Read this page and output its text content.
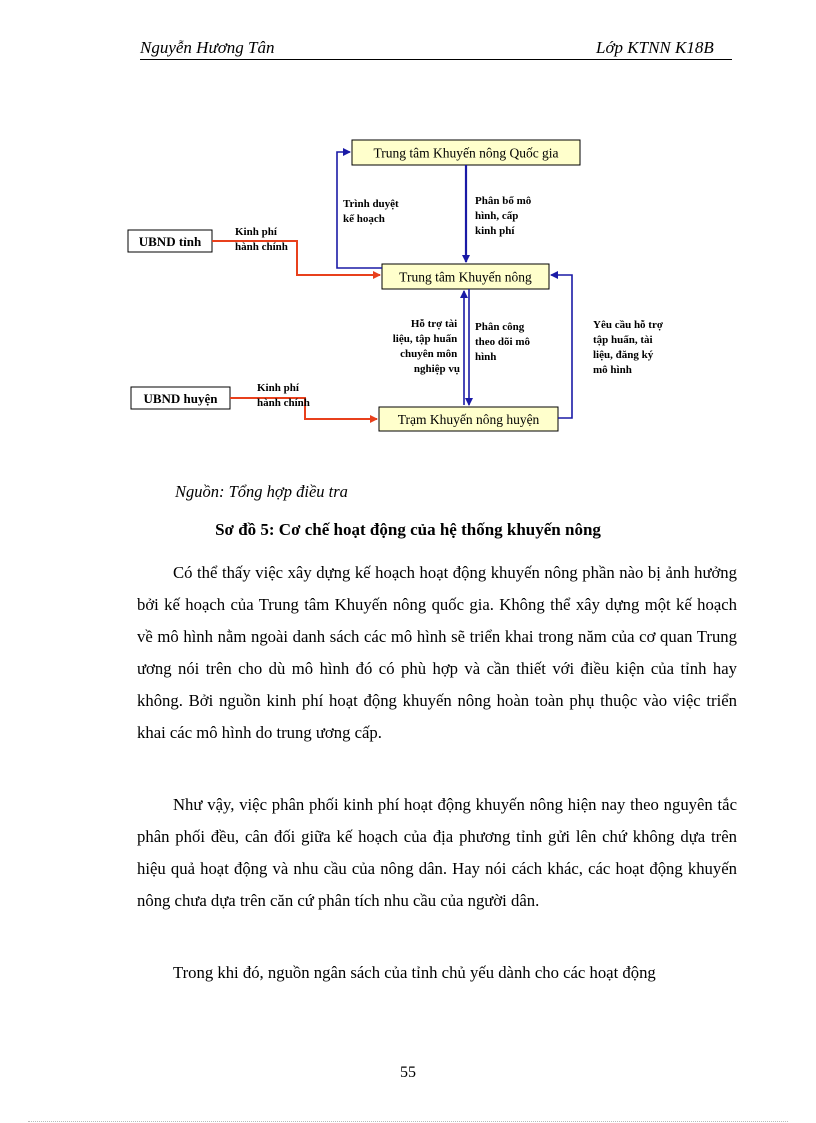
Nguyễn Hương Tân	Lớp KTNN K18B
Trung tâm Khuyến nông Quốc gia
Trung tâm Khuyến nông
Trạm Khuyến nông huyện
UBND tỉnh
UBND huyện
Trình duyệt kế hoạch
Phân bổ mô hình, cấp kinh phí
Kinh phí hành chính
Kinh phí hành chính
Hỗ trợ tài liệu, tập huấn chuyên môn nghiệp vụ
Phân công theo dõi mô hình
Yêu cầu hỗ trợ tập huấn, tài liệu, đăng ký mô hình
Nguồn: Tổng hợp điều tra
Sơ đồ 5: Cơ chế hoạt động của hệ thống khuyến nông

Có thể thấy việc xây dựng kế hoạch hoạt động khuyến nông phần nào bị ảnh hưởng bởi kế hoạch của Trung tâm Khuyến nông quốc gia. Không thể xây dựng một kế hoạch về mô hình nằm ngoài danh sách các mô hình sẽ triển khai trong năm của cơ quan Trung ương nói trên cho dù mô hình đó có phù hợp và cần thiết với điều kiện của tỉnh hay không. Bởi nguồn kinh phí hoạt động khuyến nông hoàn toàn phụ thuộc vào việc triển khai các mô hình do trung ương cấp.

Như vậy, việc phân phối kinh phí hoạt động khuyến nông hiện nay theo nguyên tắc phân phối đều, cân đối giữa kế hoạch của địa phương tỉnh gửi lên chứ không dựa trên hiệu quả hoạt động và nhu cầu của nông dân. Hay nói cách khác, các hoạt động khuyến nông chưa dựa trên căn cứ phân tích nhu cầu của người dân.

Trong khi đó, nguồn ngân sách của tỉnh chủ yếu dành cho các hoạt động

55
